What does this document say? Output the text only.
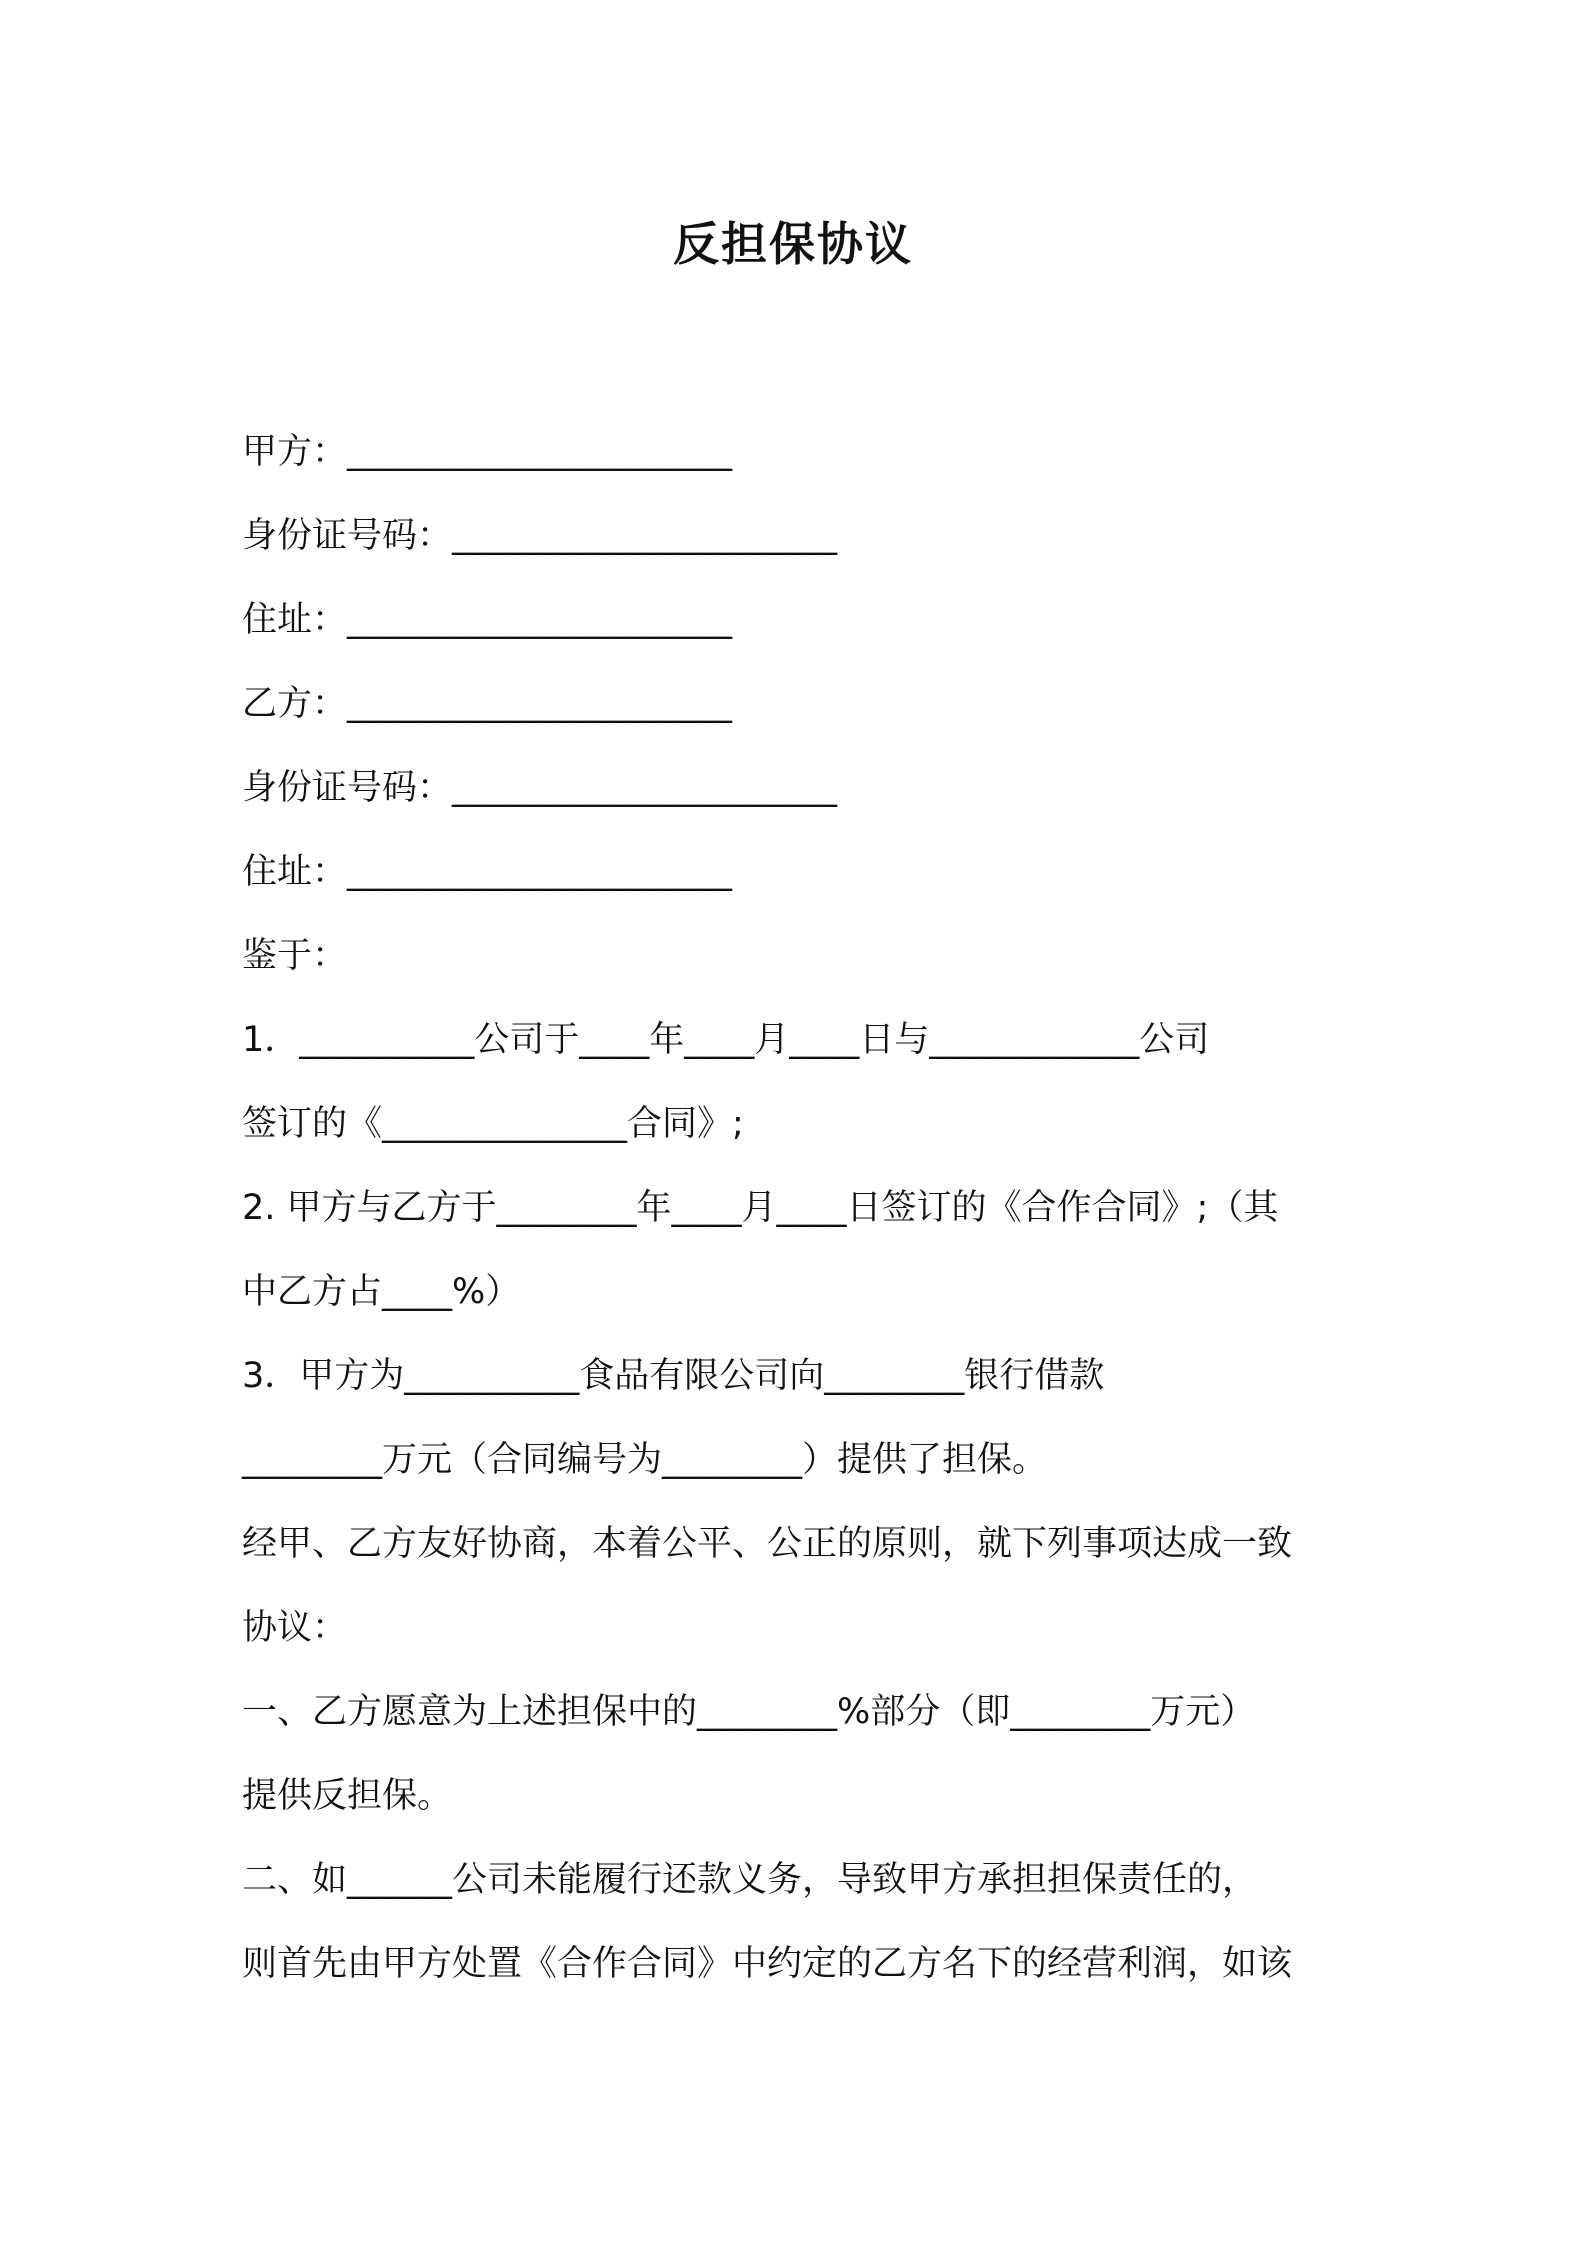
反担保协议
甲方：______________________
身份证号码：______________________
住址：______________________
乙方：______________________
身份证号码：______________________
住址：______________________
鉴于：
1．__________公司于____年____月____日与____________公司
签订的《______________合同》;
2. 甲方与乙方于________年____月____日签订的《合作合同》;（其
中乙方占____%）
3．甲方为__________食品有限公司向________银行借款
________万元（合同编号为________）提供了担保。
经甲、乙方友好协商，本着公平、公正的原则，就下列事项达成一致
协议：
一、乙方愿意为上述担保中的________%部分（即________万元）
提供反担保。
二、如______公司未能履行还款义务，导致甲方承担担保责任的，
则首先由甲方处置《合作合同》中约定的乙方名下的经营利润，如该
